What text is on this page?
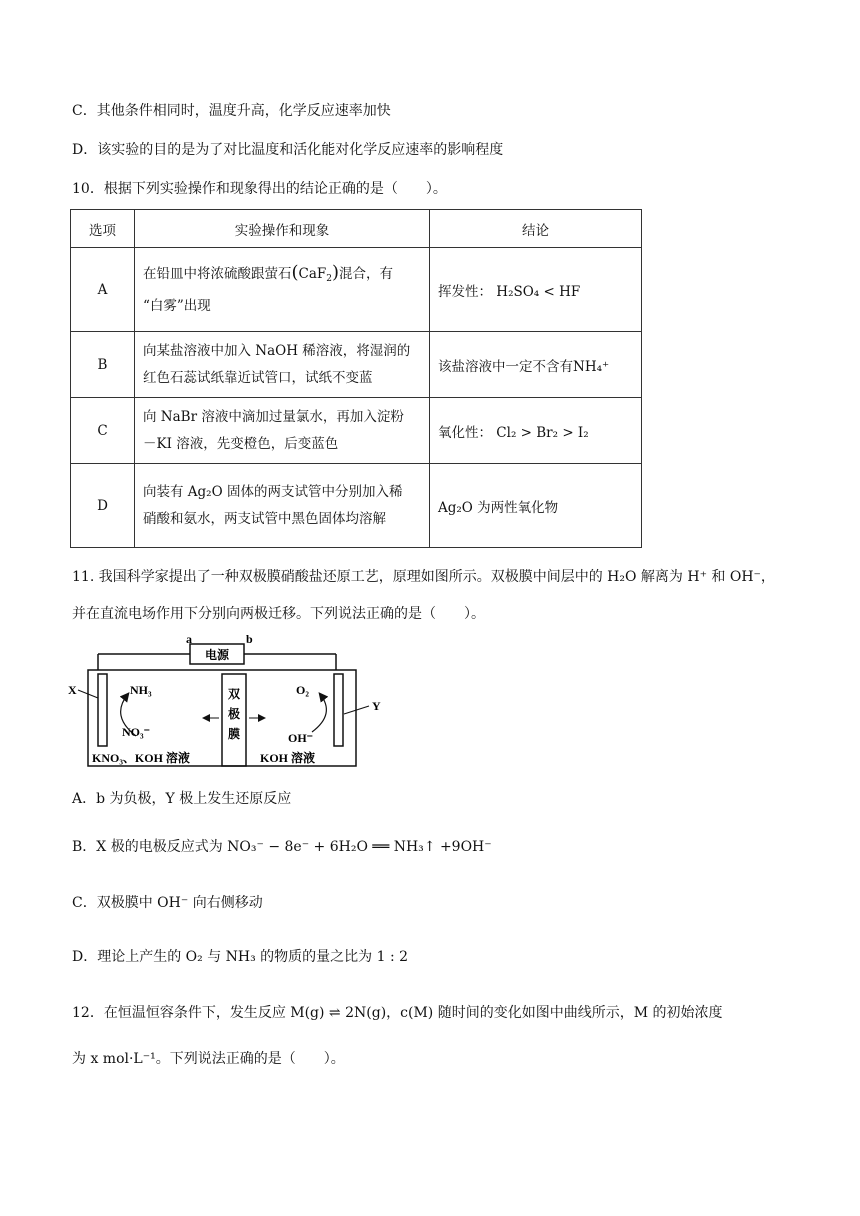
C．其他条件相同时，温度升高，化学反应速率加快
D．该实验的目的是为了对比温度和活化能对化学反应速率的影响程度
10．根据下列实验操作和现象得出的结论正确的是（　　）。
选项	实验操作和现象	结论
A	在铅皿中将浓硫酸跟萤石(CaF$_2$)混合，有
“白雾”出现	挥发性： H₂SO₄ < HF
B	向某盐溶液中加入 NaOH 稀溶液，将湿润的
红色石蕊试纸靠近试管口，试纸不变蓝	该盐溶液中一定不含有NH₄⁺
C	向 NaBr 溶液中滴加过量氯水，再加入淀粉
－KI 溶液，先变橙色，后变蓝色	氧化性： Cl₂ > Br₂ > I₂
D	向装有 Ag₂O 固体的两支试管中分别加入稀
硝酸和氨水，两支试管中黑色固体均溶解	Ag₂O 为两性氧化物
11. 我国科学家提出了一种双极膜硝酸盐还原工艺，原理如图所示。双极膜中间层中的 H₂O 解离为 H⁺ 和 OH⁻，
并在直流电场作用下分别向两极迁移。下列说法正确的是（　　）。
电源
a	b
X
Y
双
极
膜
NH₃
NO₃⁻
O₂
OH⁻
KNO₃、KOH 溶液	KOH 溶液
A．b 为负极，Y 极上发生还原反应
B．X 极的电极反应式为 NO₃⁻ − 8e⁻ + 6H₂O ══ NH₃↑ +9OH⁻
C．双极膜中 OH⁻ 向右侧移动
D．理论上产生的 O₂ 与 NH₃ 的物质的量之比为 1 : 2
12．在恒温恒容条件下，发生反应 M(g) ⇌ 2N(g)，c(M) 随时间的变化如图中曲线所示，M 的初始浓度
为 x mol·L⁻¹。下列说法正确的是（　　）。
